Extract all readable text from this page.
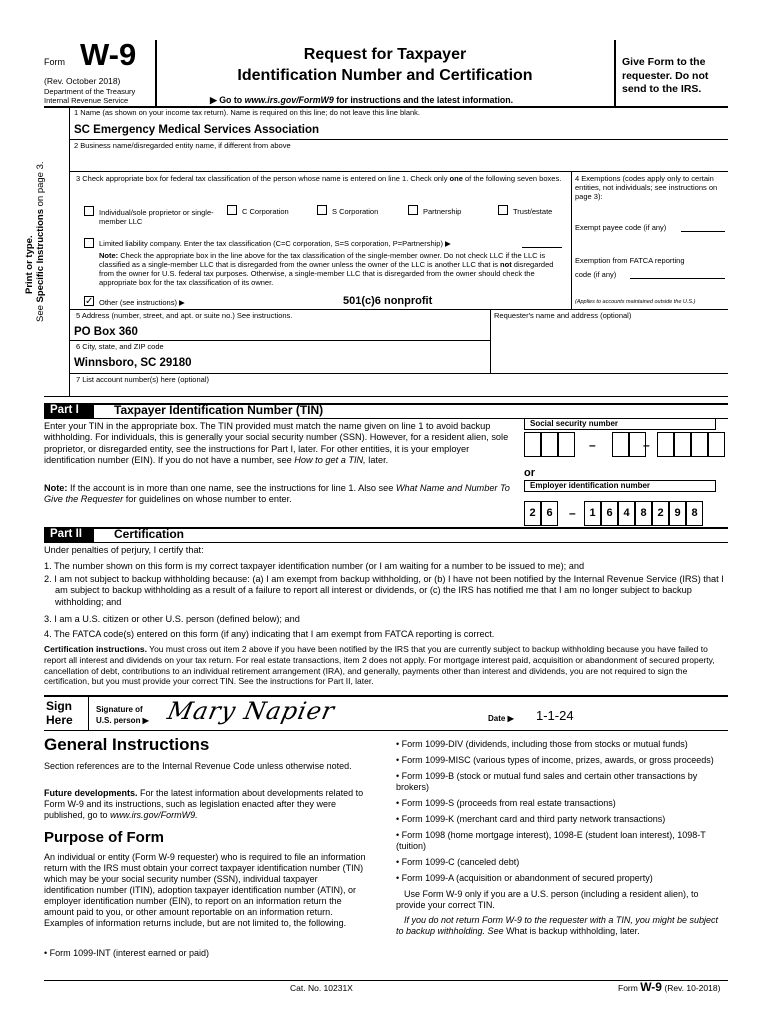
Form W-9
(Rev. October 2018)
Department of the Treasury
Internal Revenue Service
Request for Taxpayer
Identification Number and Certification
▶ Go to www.irs.gov/FormW9 for instructions and the latest information.
Give Form to the requester. Do not send to the IRS.
Print or type.
See Specific Instructions on page 3.
1 Name (as shown on your income tax return). Name is required on this line; do not leave this line blank.
SC Emergency Medical Services Association
2 Business name/disregarded entity name, if different from above
3 Check appropriate box for federal tax classification of the person whose name is entered on line 1. Check only one of the following seven boxes.
Individual/sole proprietor or single-member LLC
C Corporation	S Corporation	Partnership	Trust/estate
Limited liability company. Enter the tax classification (C=C corporation, S=S corporation, P=Partnership) ▶
Note: Check the appropriate box in the line above for the tax classification of the single-member owner. Do not check LLC if the LLC is classified as a single-member LLC that is disregarded from the owner unless the owner of the LLC is another LLC that is not disregarded from the owner for U.S. federal tax purposes. Otherwise, a single-member LLC that is disregarded from the owner should check the appropriate box for the tax classification of its owner.
✓ Other (see instructions) ▶	501(c)6 nonprofit
4 Exemptions (codes apply only to certain entities, not individuals; see instructions on page 3):
Exempt payee code (if any)
Exemption from FATCA reporting code (if any)
(Applies to accounts maintained outside the U.S.)
5 Address (number, street, and apt. or suite no.) See instructions.	Requester's name and address (optional)
PO Box 360
6 City, state, and ZIP code
Winnsboro, SC 29180
7 List account number(s) here (optional)
Part I	Taxpayer Identification Number (TIN)
Enter your TIN in the appropriate box. The TIN provided must match the name given on line 1 to avoid backup withholding. For individuals, this is generally your social security number (SSN). However, for a resident alien, sole proprietor, or disregarded entity, see the instructions for Part I, later. For other entities, it is your employer identification number (EIN). If you do not have a number, see How to get a TIN, later.
Note: If the account is in more than one name, see the instructions for line 1. Also see What Name and Number To Give the Requester for guidelines on whose number to enter.
Social security number
–	–
or
Employer identification number
2 6	–	1 6 4 8 2 9 8
Part II	Certification
Under penalties of perjury, I certify that:
1. The number shown on this form is my correct taxpayer identification number (or I am waiting for a number to be issued to me); and
2. I am not subject to backup withholding because: (a) I am exempt from backup withholding, or (b) I have not been notified by the Internal Revenue Service (IRS) that I am subject to backup withholding as a result of a failure to report all interest or dividends, or (c) the IRS has notified me that I am no longer subject to backup withholding; and
3. I am a U.S. citizen or other U.S. person (defined below); and
4. The FATCA code(s) entered on this form (if any) indicating that I am exempt from FATCA reporting is correct.
Certification instructions. You must cross out item 2 above if you have been notified by the IRS that you are currently subject to backup withholding because you have failed to report all interest and dividends on your tax return. For real estate transactions, item 2 does not apply. For mortgage interest paid, acquisition or abandonment of secured property, cancellation of debt, contributions to an individual retirement arrangement (IRA), and generally, payments other than interest and dividends, you are not required to sign the certification, but you must provide your correct TIN. See the instructions for Part II, later.
Sign
Here
Signature of
U.S. person ▶ Mary Napier	Date ▶ 1-1-24
General Instructions
Section references are to the Internal Revenue Code unless otherwise noted.
Future developments. For the latest information about developments related to Form W-9 and its instructions, such as legislation enacted after they were published, go to www.irs.gov/FormW9.
Purpose of Form
An individual or entity (Form W-9 requester) who is required to file an information return with the IRS must obtain your correct taxpayer identification number (TIN) which may be your social security number (SSN), individual taxpayer identification number (ITIN), adoption taxpayer identification number (ATIN), or employer identification number (EIN), to report on an information return the amount paid to you, or other amount reportable on an information return. Examples of information returns include, but are not limited to, the following.
• Form 1099-INT (interest earned or paid)
• Form 1099-DIV (dividends, including those from stocks or mutual funds)
• Form 1099-MISC (various types of income, prizes, awards, or gross proceeds)
• Form 1099-B (stock or mutual fund sales and certain other transactions by brokers)
• Form 1099-S (proceeds from real estate transactions)
• Form 1099-K (merchant card and third party network transactions)
• Form 1098 (home mortgage interest), 1098-E (student loan interest), 1098-T (tuition)
• Form 1099-C (canceled debt)
• Form 1099-A (acquisition or abandonment of secured property)
Use Form W-9 only if you are a U.S. person (including a resident alien), to provide your correct TIN.
If you do not return Form W-9 to the requester with a TIN, you might be subject to backup withholding. See What is backup withholding, later.
Cat. No. 10231X	Form W-9 (Rev. 10-2018)
